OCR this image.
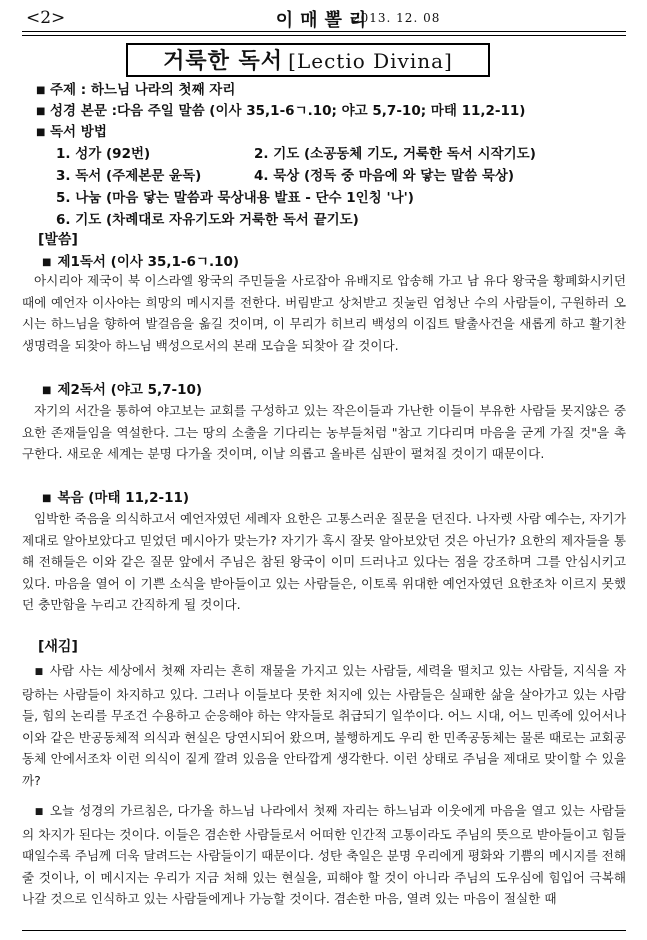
<2>	이매뽈리
2013. 12. 08
거룩한 독서 [Lectio Divina]
■ 주제 : 하느님 나라의 첫째 자리
■ 성경 본문 :다음 주일 말씀 (이사 35,1-6ㄱ.10; 야고 5,7-10; 마태 11,2-11)
■ 독서 방법
1. 성가 (92번)	2. 기도 (소공동체 기도, 거룩한 독서 시작기도)
3. 독서 (주제본문 윤독)	4. 묵상 (정독 중 마음에 와 닿는 말씀 묵상)
5. 나눔 (마음 닿는 말씀과 묵상내용 발표 - 단수 1인칭 '나')
6. 기도 (차례대로 자유기도와 거룩한 독서 끝기도)
[발씀]
■ 제1독서 (이사 35,1-6ㄱ.10)
아시리아 제국이 북 이스라엘 왕국의 주민들을 사로잡아 유배지로 압송해 가고 남 유다 왕국을 황폐화시키던 때에 예언자 이사야는 희망의 메시지를 전한다. 버림받고 상처받고 짓눌린 엄청난 수의 사람들이, 구원하러 오시는 하느님을 향하여 발걸음을 옮길 것이며, 이 무리가 히브리 백성의 이집트 탈출사건을 새롭게 하고 활기찬 생명력을 되찾아 하느님 백성으로서의 본래 모습을 되찾아 갈 것이다.
■ 제2독서 (야고 5,7-10)
자기의 서간을 통하여 야고보는 교회를 구성하고 있는 작은이들과 가난한 이들이 부유한 사람들 못지않은 중요한 존재들임을 역설한다. 그는 땅의 소출을 기다리는 농부들처럼 "참고 기다리며 마음을 굳게 가질 것"을 촉구한다. 새로운 세계는 분명 다가올 것이며, 이날 의롭고 올바른 심판이 펼쳐질 것이기 때문이다.
■ 복음 (마태 11,2-11)
임박한 죽음을 의식하고서 예언자였던 세례자 요한은 고통스러운 질문을 던진다. 나자렛 사람 예수는, 자기가 제대로 알아보았다고 믿었던 메시아가 맞는가? 자기가 혹시 잘못 알아보았던 것은 아닌가? 요한의 제자들을 통해 전해들은 이와 같은 질문 앞에서 주님은 참된 왕국이 이미 드러나고 있다는 점을 강조하며 그를 안심시키고 있다. 마음을 열어 이 기쁜 소식을 받아들이고 있는 사람들은, 이토록 위대한 예언자였던 요한조차 이르지 못했던 충만함을 누리고 간직하게 될 것이다.
[새김]
■ 사람 사는 세상에서 첫째 자리는 흔히 재물을 가지고 있는 사람들, 세력을 떨치고 있는 사람들, 지식을 자랑하는 사람들이 차지하고 있다. 그러나 이들보다 못한 처지에 있는 사람들은 실패한 삶을 살아가고 있는 사람들, 힘의 논리를 무조건 수용하고 순응해야 하는 약자들로 취급되기 일쑤이다. 어느 시대, 어느 민족에 있어서나 이와 같은 반공동체적 의식과 현실은 당연시되어 왔으며, 불행하게도 우리 한 민족공동체는 물론 때로는 교회공동체 안에서조차 이런 의식이 짙게 깔려 있음을 안타깝게 생각한다. 이런 상태로 주님을 제대로 맞이할 수 있을까?
■ 오늘 성경의 가르침은, 다가올 하느님 나라에서 첫째 자리는 하느님과 이웃에게 마음을 열고 있는 사람들의 차지가 된다는 것이다. 이들은 겸손한 사람들로서 어떠한 인간적 고통이라도 주님의 뜻으로 받아들이고 힘들 때일수록 주님께 더욱 달려드는 사람들이기 때문이다. 성탄 축일은 분명 우리에게 평화와 기쁨의 메시지를 전해줄 것이나, 이 메시지는 우리가 지금 처해 있는 현실을, 피해야 할 것이 아니라 주님의 도우심에 힘입어 극복해 나갈 것으로 인식하고 있는 사람들에게나 가능할 것이다. 겸손한 마음, 열려 있는 마음이 절실한 때
